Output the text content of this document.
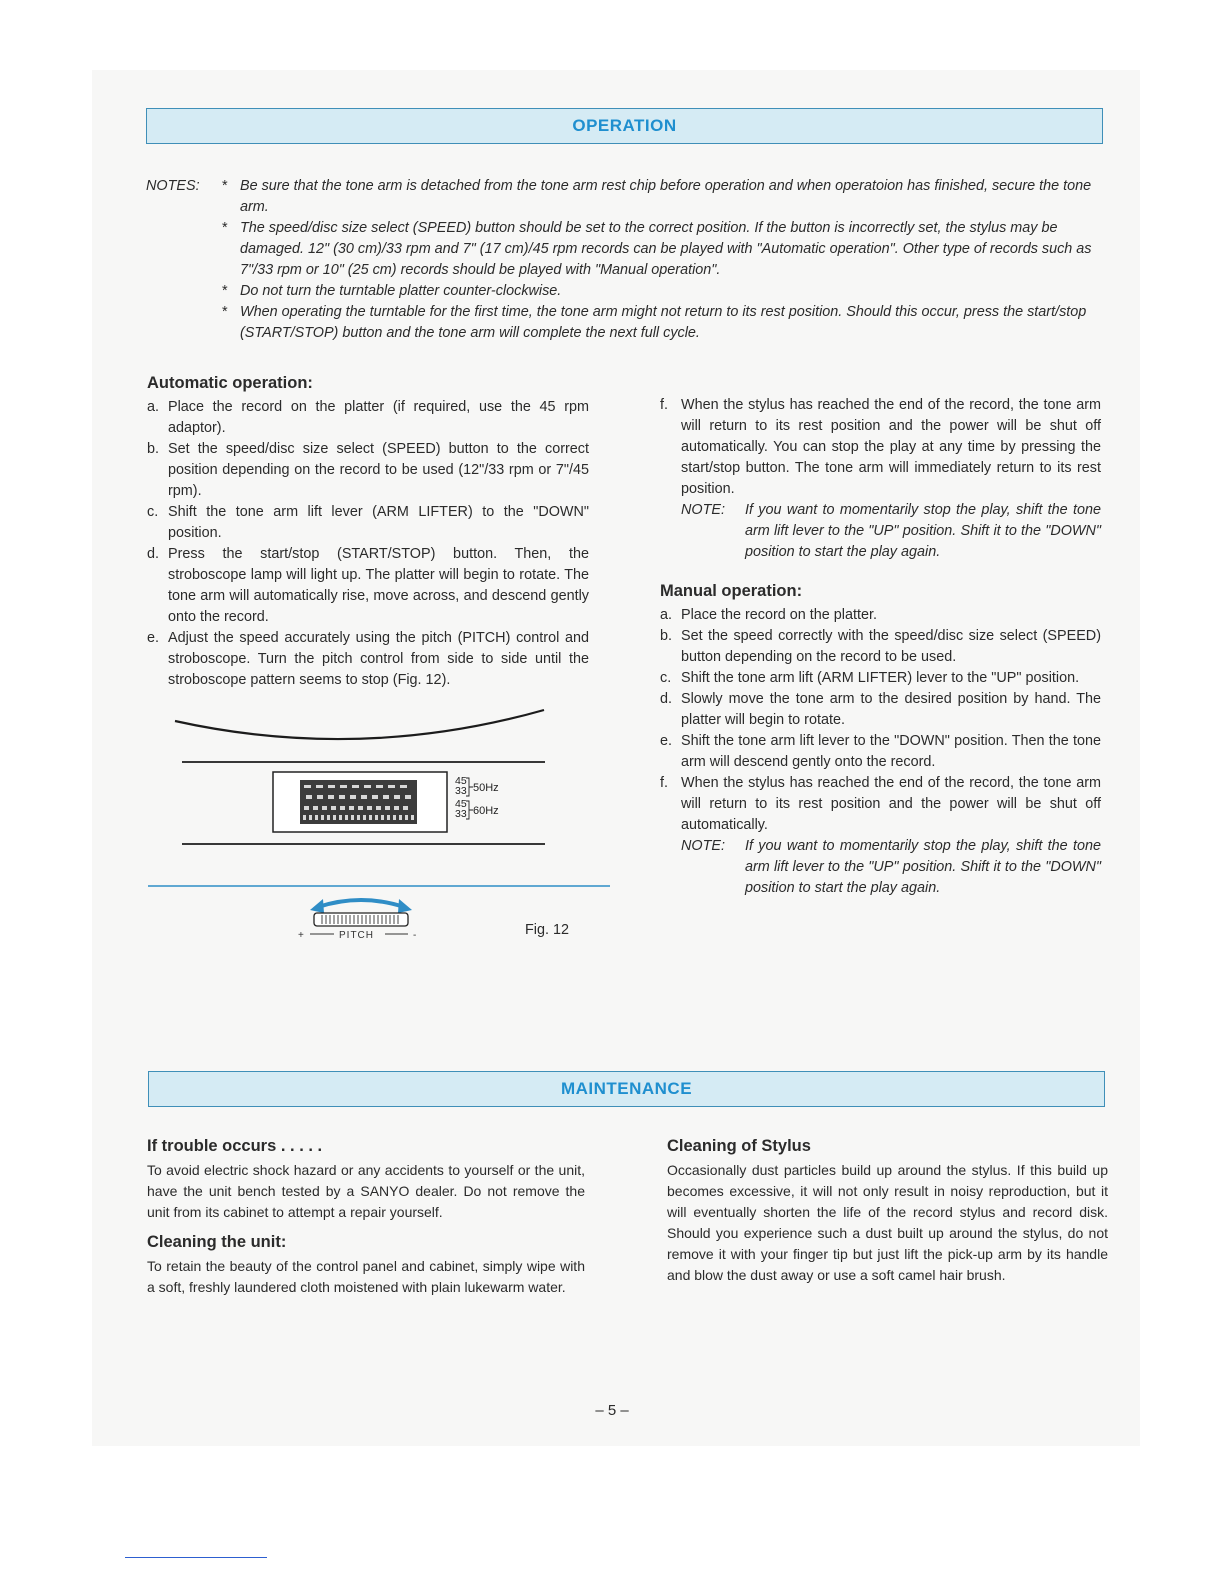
OPERATION
NOTES:
*	Be sure that the tone arm is detached from the tone arm rest chip before operation and when operatoion has finished, secure the tone arm.
* The speed/disc size select (SPEED) button should be set to the correct position. If the button is incorrectly set, the stylus may be damaged. 12" (30 cm)/33 rpm and 7" (17 cm)/45 rpm records can be played with "Automatic operation". Other type of records such as 7"/33 rpm or 10" (25 cm) records should be played with "Manual operation".
* Do not turn the turntable platter counter-clockwise.
* When operating the turntable for the first time, the tone arm might not return to its rest position. Should this occur, press the start/stop (START/STOP) button and the tone arm will complete the next full cycle.
Automatic operation:
a. Place the record on the platter (if required, use the 45 rpm adaptor).
b. Set the speed/disc size select (SPEED) button to the correct position depending on the record to be used (12"/33 rpm or 7"/45 rpm).
c. Shift the tone arm lift lever (ARM LIFTER) to the "DOWN" position.
d. Press the start/stop (START/STOP) button. Then, the stroboscope lamp will light up. The platter will begin to rotate. The tone arm will automatically rise, move across, and descend gently onto the record.
e. Adjust the speed accurately using the pitch (PITCH) control and stroboscope. Turn the pitch control from side to side until the stroboscope pattern seems to stop (Fig. 12).
45
33 50Hz
45
33 60Hz
+	PITCH	-	Fig. 12
f. When the stylus has reached the end of the record, the tone arm will return to its rest position and the power will be shut off automatically. You can stop the play at any time by pressing the start/stop button. The tone arm will immediately return to its rest position.
NOTE:	If you want to momentarily stop the play, shift the tone arm lift lever to the "UP" position. Shift it to the "DOWN" position to start the play again.
Manual operation:
a. Place the record on the platter.
b. Set the speed correctly with the speed/disc size select (SPEED) button depending on the record to be used.
c. Shift the tone arm lift (ARM LIFTER) lever to the "UP" position.
d. Slowly move the tone arm to the desired position by hand. The platter will begin to rotate.
e. Shift the tone arm lift lever to the "DOWN" position. Then the tone arm will descend gently onto the record.
f. When the stylus has reached the end of the record, the tone arm will return to its rest position and the power will be shut off automatically.
NOTE:	If you want to momentarily stop the play, shift the tone arm lift lever to the "UP" position. Shift it to the "DOWN" position to start the play again.
MAINTENANCE
If trouble occurs . . . . .

To avoid electric shock hazard or any accidents to yourself or the unit, have the unit bench tested by a SANYO dealer. Do not remove the unit from its cabinet to attempt a repair yourself.

Cleaning the unit:

To retain the beauty of the control panel and cabinet, simply wipe with a soft, freshly laundered cloth moistened with plain lukewarm water.

Cleaning of Stylus

Occasionally dust particles build up around the stylus. If this build up becomes excessive, it will not only result in noisy reproduction, but it will eventually shorten the life of the record stylus and record disk. Should you experience such a dust built up around the stylus, do not remove it with your finger tip but just lift the pick-up arm by its handle and blow the dust away or use a soft camel hair brush.

– 5 –
